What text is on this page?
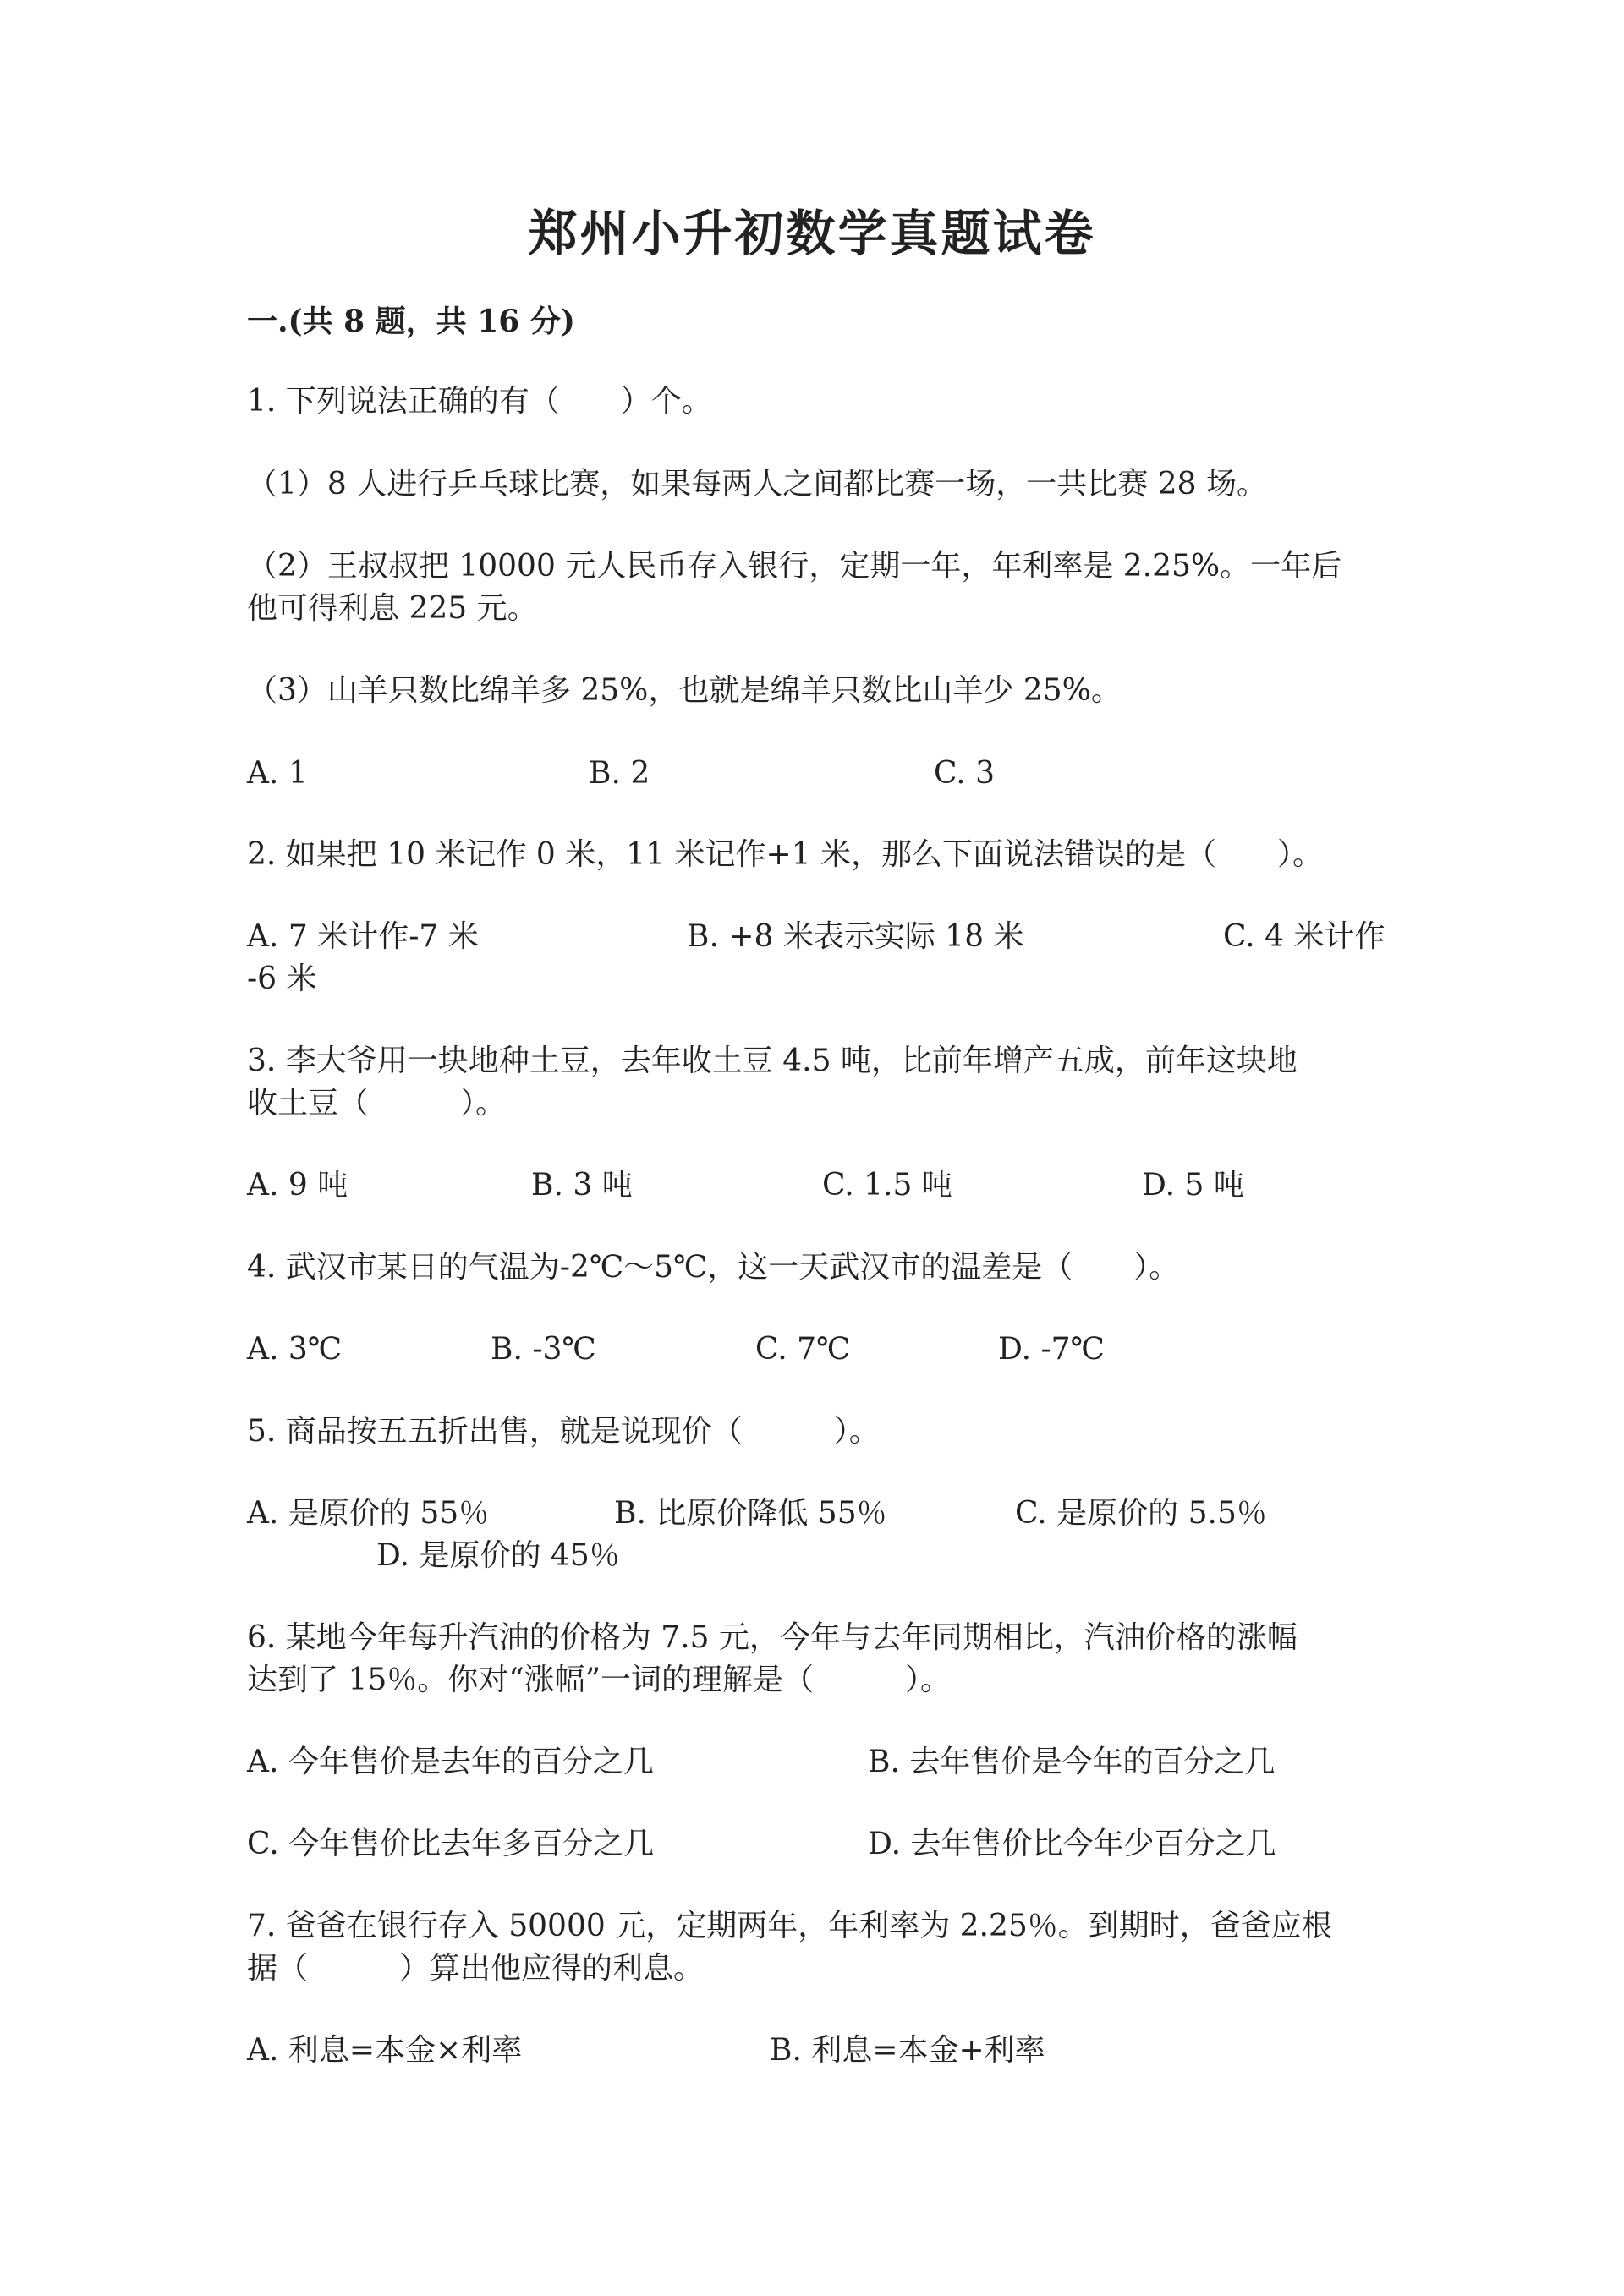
郑州小升初数学真题试卷
一.(共 8 题，共 16 分)
1. 下列说法正确的有（　　）个。
（1）8 人进行乒乓球比赛，如果每两人之间都比赛一场，一共比赛 28 场。
（2）王叔叔把 10000 元人民币存入银行，定期一年，年利率是 2.25%。一年后
他可得利息 225 元。
（3）山羊只数比绵羊多 25%，也就是绵羊只数比山羊少 25%。
A. 1	B. 2	C. 3
2. 如果把 10 米记作 0 米，11 米记作+1 米，那么下面说法错误的是（　　）。
A. 7 米计作-7 米	B. +8 米表示实际 18 米	C. 4 米计作
-6 米
3. 李大爷用一块地种土豆，去年收土豆 4.5 吨，比前年增产五成，前年这块地
收土豆（　　　）。
A. 9 吨	B. 3 吨	C. 1.5 吨	D. 5 吨
4. 武汉市某日的气温为-2℃～5℃，这一天武汉市的温差是（　　）。
A. 3℃	B. -3℃	C. 7℃	D. -7℃
5. 商品按五五折出售，就是说现价（　　　）。
A. 是原价的 55％	B. 比原价降低 55％	C. 是原价的 5.5％
D. 是原价的 45％
6. 某地今年每升汽油的价格为 7.5 元，今年与去年同期相比，汽油价格的涨幅
达到了 15％。你对“涨幅”一词的理解是（　　　）。
A. 今年售价是去年的百分之几	B. 去年售价是今年的百分之几
C. 今年售价比去年多百分之几	D. 去年售价比今年少百分之几
7. 爸爸在银行存入 50000 元，定期两年，年利率为 2.25％。到期时，爸爸应根
据（　　　）算出他应得的利息。
A. 利息=本金×利率	B. 利息=本金+利率
